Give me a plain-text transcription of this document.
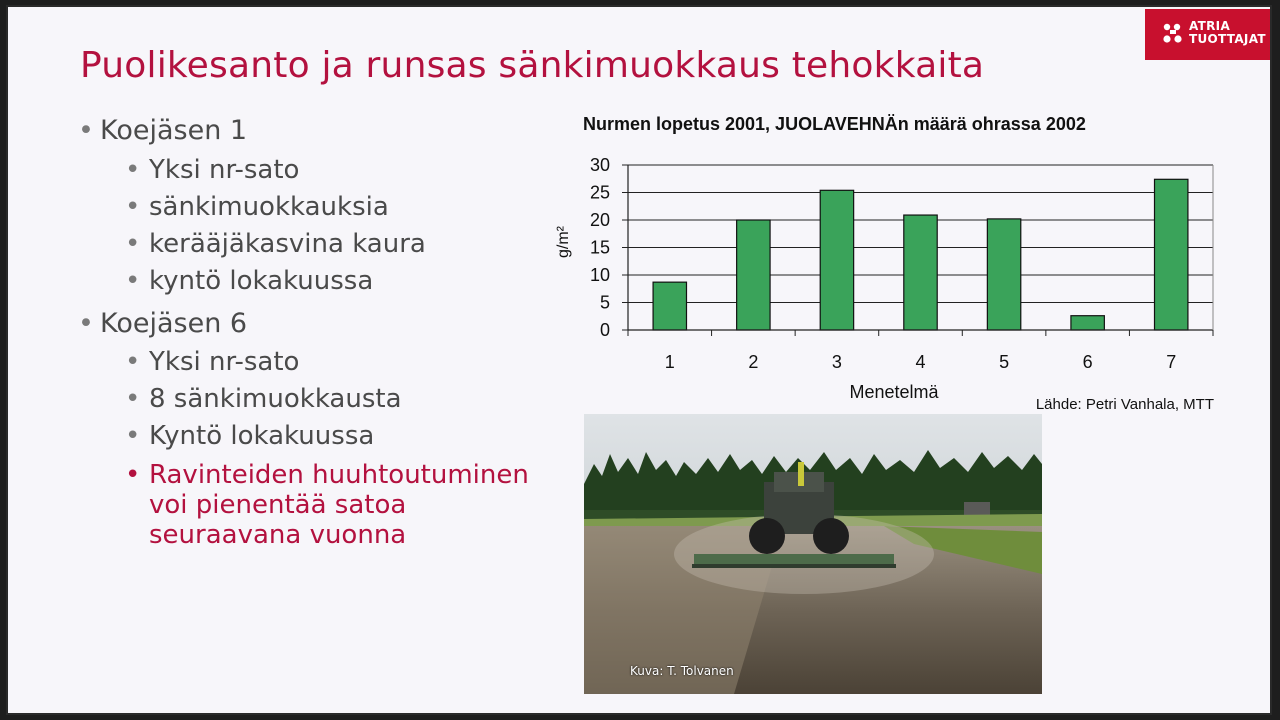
ATRIA
TUOTTAJAT
Puolikesanto ja runsas sänkimuokkaus tehokkaita
• Koejäsen 1
• Yksi nr-sato
• sänkimuokkauksia
• kerääjäkasvina kaura
• kyntö lokakuussa
• Koejäsen 6
• Yksi nr-sato
• 8 sänkimuokkausta
• Kyntö lokakuussa
• Ravinteiden huuhtoutuminen voi pienentää satoa seuraavana vuonna
Nurmen lopetus 2001, JUOLAVEHNÄn määrä ohrassa 2002
0
5
10
15
20
25
30
1	2	3	4	5	6	7
Menetelmä
g/m²
Lähde: Petri Vanhala, MTT
Kuva: T. Tolvanen
